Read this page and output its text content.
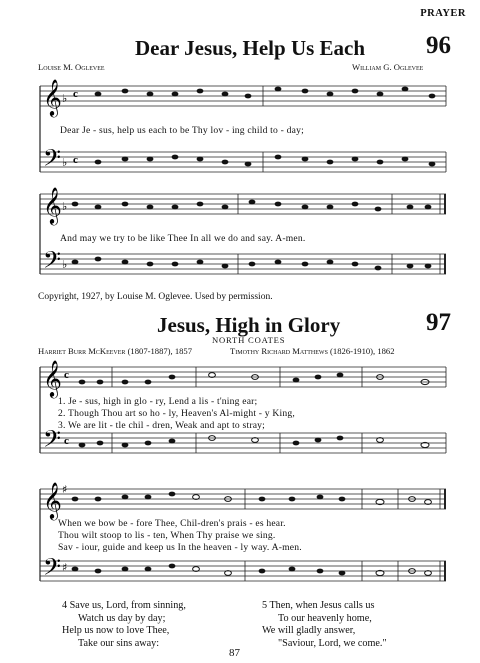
PRAYER
Dear Jesus, Help Us Each 96
Louise M. Oglevee	William G. Oglevee
𝄞
𝄢
♭
♭
c
c
Dear Je - sus, help us each to be Thy lov - ing child to - day;
𝄞
𝄢
♭
♭
And may we try to be like Thee In all we do and say. A-men.
Copyright, 1927, by Louise M. Oglevee. Used by permission.
Jesus, High in Glory	97
NORTH COATES
Harriet Burr McKeever (1807-1887), 1857	Timothy Richard Matthews (1826-1910), 1862
𝄞
𝄢
c
c
1. Je - sus, high in glo - ry, Lend a lis - t'ning ear;
2. Though Thou art so ho - ly, Heaven's Al-might - y King,
3. We are lit - tle chil - dren, Weak and apt to stray;
𝄞
𝄢
♯
♯
When we bow be - fore Thee, Chil-dren's prais - es hear.
Thou wilt stoop to lis - ten, When Thy praise we sing.
Sav - iour, guide and keep us In the heaven - ly way. A-men.
4 Save us, Lord, from sinning,
Watch us day by day;
Help us now to love Thee,
Take our sins away:
5 Then, when Jesus calls us
To our heavenly home,
We will gladly answer,
"Saviour, Lord, we come."
87
